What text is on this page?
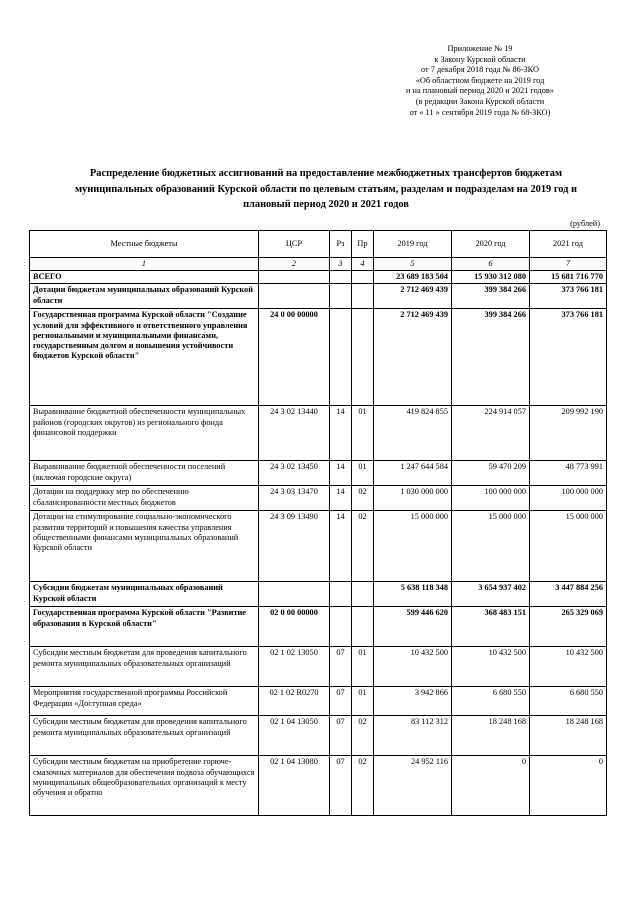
Приложение № 19
к Закону Курской области
от 7 декабря 2018 года № 86-ЗКО
«Об областном бюджете на 2019 год
и на плановый период 2020 и 2021 годов»
(в редакции Закона Курской области
от « 11 » сентября 2019 года № 68-ЗКО)
Распределение бюджетных ассигнований на предоставление межбюджетных трансфертов бюджетам муниципальных образований Курской области по целевым статьям, разделам и подразделам на 2019 год и плановый период 2020 и 2021 годов
(рублей)
Местные бюджеты	ЦСР	Рз	Пр	2019 год	2020 год	2021 год
1	2	3	4	5	6	7
ВСЕГО				23 689 183 504	15 930 312 080	15 681 716 770
Дотации бюджетам муниципальных образований Курской области				2 712 469 439	399 384 266	373 766 181
Государственная программа Курской области "Создание условий для эффективного и ответственного управления региональными и муниципальными финансами, государственным долгом и повышения устойчивости бюджетов Курской области"	24 0 00 00000			2 712 469 439	399 384 266	373 766 181
Выравнивание бюджетной обеспеченности муниципальных районов (городских округов) из регионального фонда финансовой поддержки	24 3 02 13440	14	01	419 824 855	224 914 057	209 992 190
Выравнивание бюджетной обеспеченности поселений (включая городские округа)	24 3 02 13450	14	01	1 247 644 584	59 470 209	48 773 991
Дотации на поддержку мер по обеспечению сбалансированности местных бюджетов	24 3 03 13470	14	02	1 030 000 000	100 000 000	100 000 000
Дотации на стимулирование социально-экономического развития территорий и повышения качества управления общественными финансами муниципальных образований Курской области	24 3 09 13490	14	02	15 000 000	15 000 000	15 000 000
Субсидии бюджетам муниципальных образований Курской области				5 638 118 348	3 654 937 402	3 447 884 256
Государственная программа Курской области "Развитие образования в Курской области"	02 0 00 00000			599 446 620	368 483 151	265 329 069
Субсидии местным бюджетам для проведения капитального ремонта муниципальных образовательных организаций	02 1 02 13050	07	01	10 432 500	10 432 500	10 432 500
Мероприятия государственной программы Российской Федерации «Доступная среда»	02 1 02 R0270	07	01	3 942 866	6 680 550	6 680 550
Субсидии местным бюджетам для проведения капитального ремонта муниципальных образовательных организаций	02 1 04 13050	07	02	83 112 312	18 248 168	18 248 168
Субсидии местным бюджетам на приобретение горюче-смазочных материалов для обеспечения подвоза обучающихся муниципальных общеобразовательных организаций к месту обучения и обратно	02 1 04 13080	07	02	24 952 116	0	0
